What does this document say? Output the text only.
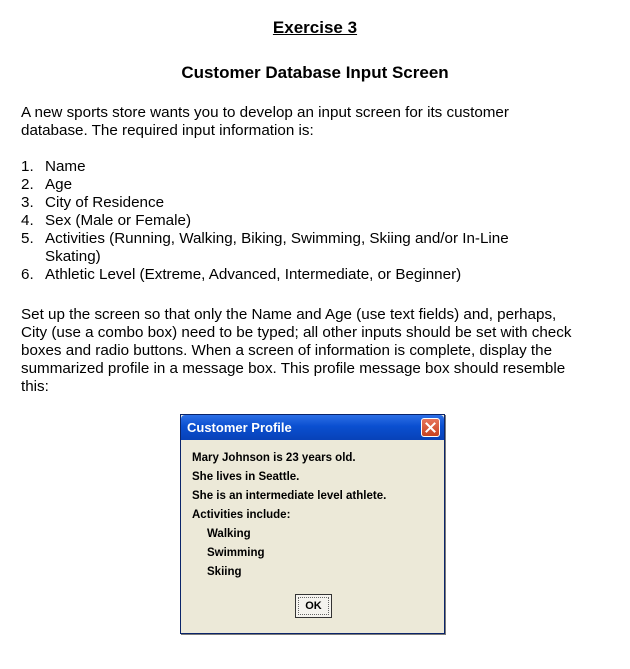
Exercise 3
Customer Database Input Screen
A new sports store wants you to develop an input screen for its customer
database. The required input information is:
1. Name
2. Age
3. City of Residence
4. Sex (Male or Female)
5. Activities (Running, Walking, Biking, Swimming, Skiing and/or In-Line
Skating)
6. Athletic Level (Extreme, Advanced, Intermediate, or Beginner)
Set up the screen so that only the Name and Age (use text fields) and, perhaps,
City (use a combo box) need to be typed; all other inputs should be set with check
boxes and radio buttons. When a screen of information is complete, display the
summarized profile in a message box. This profile message box should resemble
this:
Customer Profile
Mary Johnson is 23 years old.
She lives in Seattle.
She is an intermediate level athlete.
Activities include:
Walking
Swimming
Skiing
OK
